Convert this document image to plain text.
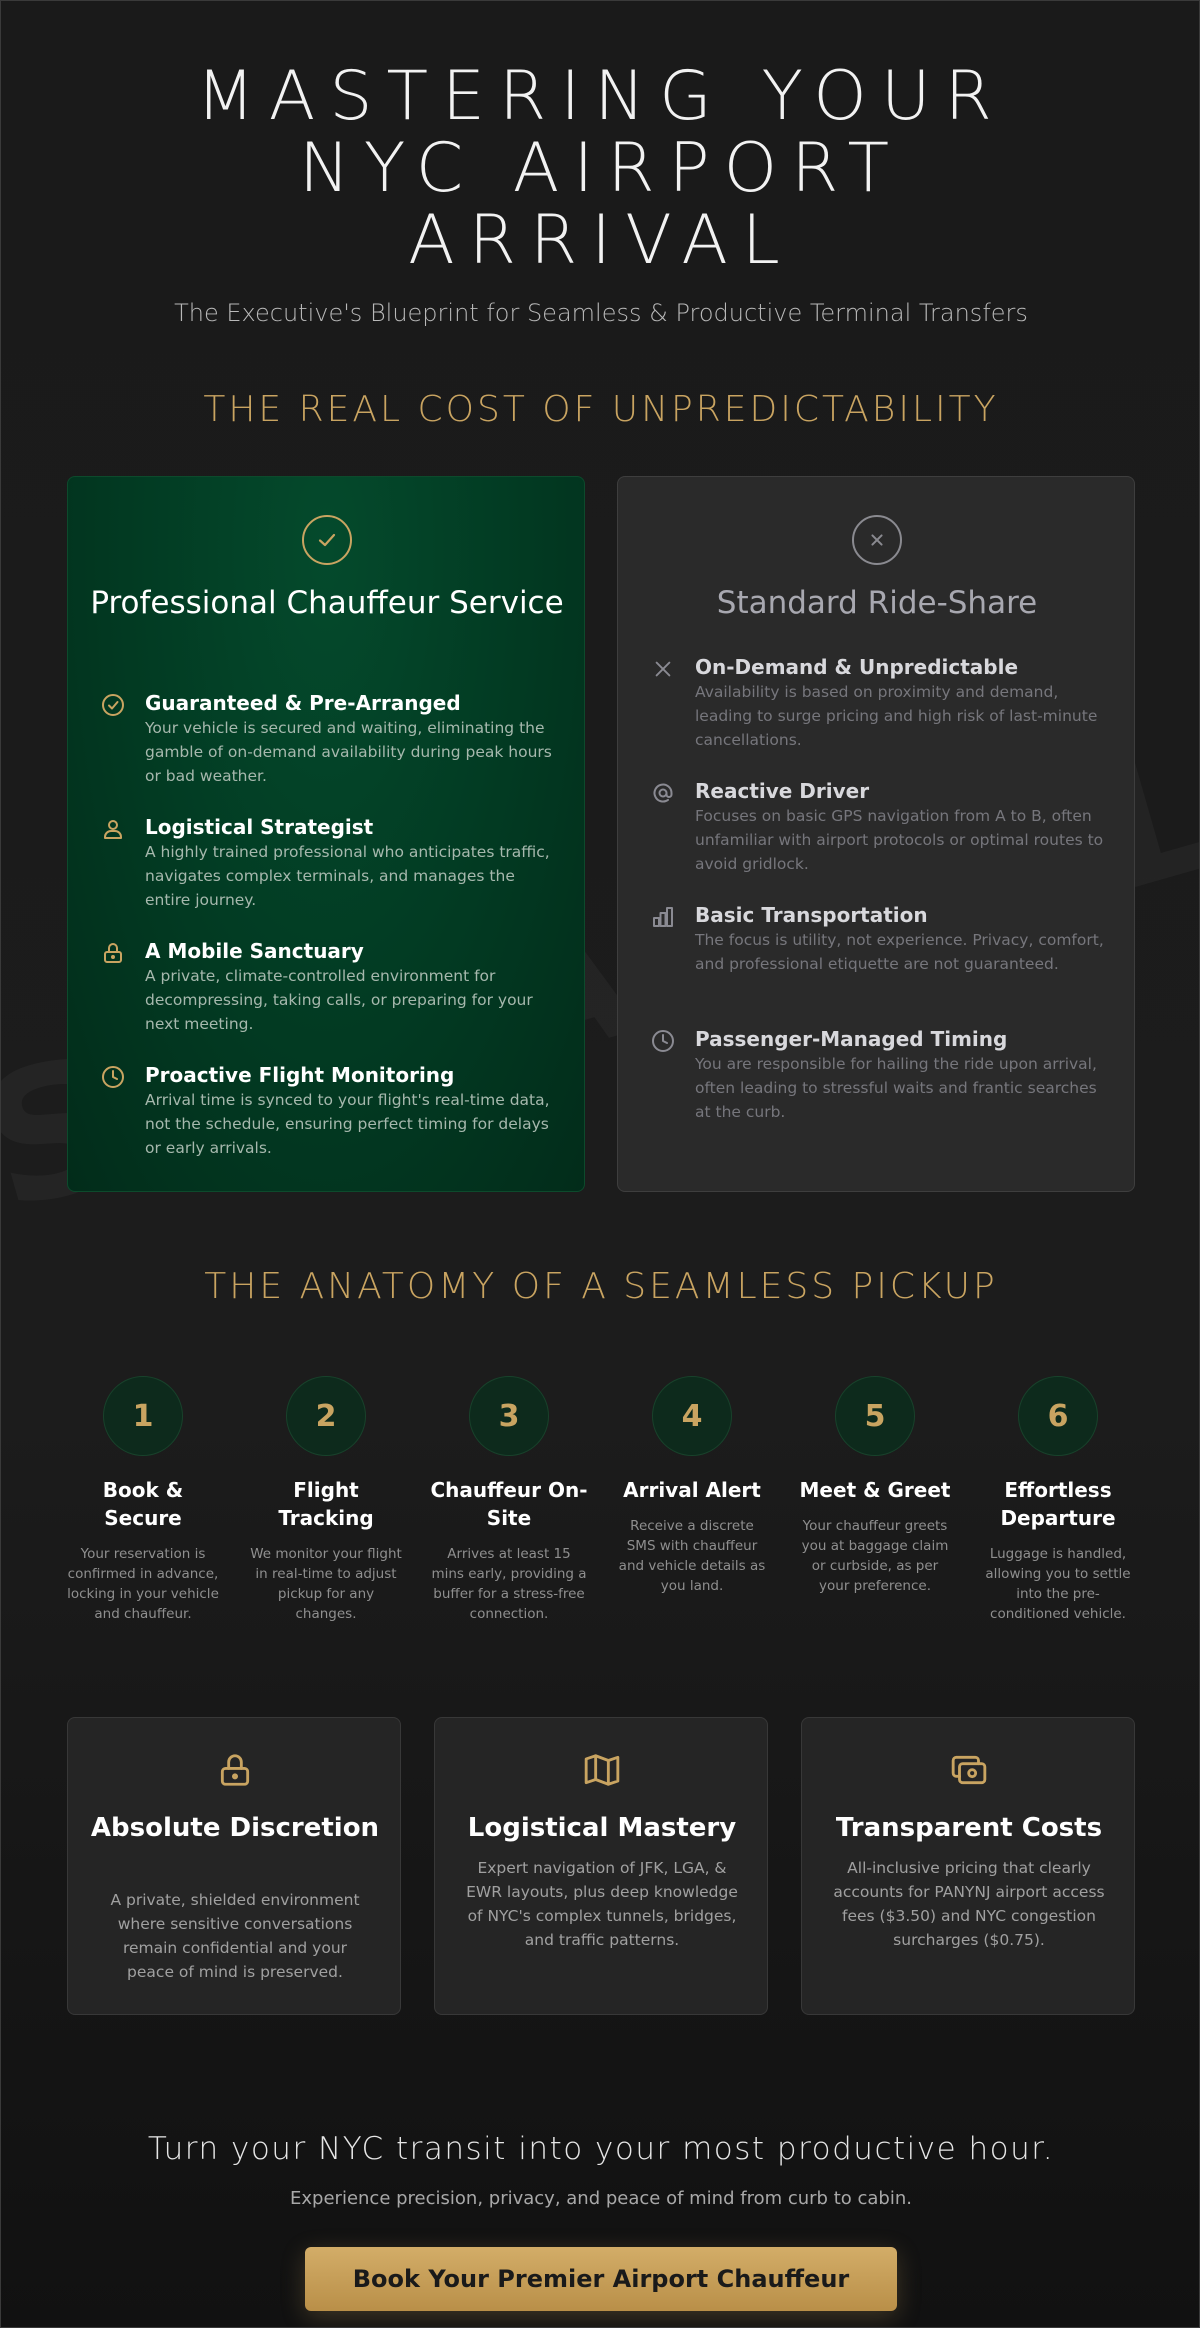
MASTERING YOUR
NYC AIRPORT
ARRIVAL

The Executive's Blueprint for Seamless & Productive Terminal Transfers

THE REAL COST OF UNPREDICTABILITY
Professional Chauffeur Service
Guaranteed & Pre-Arranged
Your vehicle is secured and waiting, eliminating the gamble of on-demand availability during peak hours or bad weather.
Logistical Strategist
A highly trained professional who anticipates traffic, navigates complex terminals, and manages the entire journey.
A Mobile Sanctuary
A private, climate-controlled environment for decompressing, taking calls, or preparing for your next meeting.
Proactive Flight Monitoring
Arrival time is synced to your flight's real-time data, not the schedule, ensuring perfect timing for delays or early arrivals.
Standard Ride-Share
On-Demand & Unpredictable
Availability is based on proximity and demand, leading to surge pricing and high risk of last-minute cancellations.
Reactive Driver
Focuses on basic GPS navigation from A to B, often unfamiliar with airport protocols or optimal routes to avoid gridlock.
Basic Transportation
The focus is utility, not experience. Privacy, comfort, and professional etiquette are not guaranteed.
Passenger-Managed Timing
You are responsible for hailing the ride upon arrival, often leading to stressful waits and frantic searches at the curb.
THE ANATOMY OF A SEAMLESS PICKUP
1
Book & Secure
Your reservation is confirmed in advance, locking in your vehicle and chauffeur.
2
Flight Tracking
We monitor your flight in real-time to adjust pickup for any changes.
3
Chauffeur On-Site
Arrives at least 15 mins early, providing a buffer for a stress-free connection.
4
Arrival Alert
Receive a discrete SMS with chauffeur and vehicle details as you land.
5
Meet & Greet
Your chauffeur greets you at baggage claim or curbside, as per your preference.
6
Effortless Departure
Luggage is handled, allowing you to settle into the pre-conditioned vehicle.
Absolute Discretion
A private, shielded environment where sensitive conversations remain confidential and your peace of mind is preserved.
Logistical Mastery
Expert navigation of JFK, LGA, & EWR layouts, plus deep knowledge of NYC's complex tunnels, bridges, and traffic patterns.
Transparent Costs
All-inclusive pricing that clearly accounts for PANYNJ airport access fees ($3.50) and NYC congestion surcharges ($0.75).
Turn your NYC transit into your most productive hour.

Experience precision, privacy, and peace of mind from curb to cabin.

Book Your Premier Airport Chauffeur
